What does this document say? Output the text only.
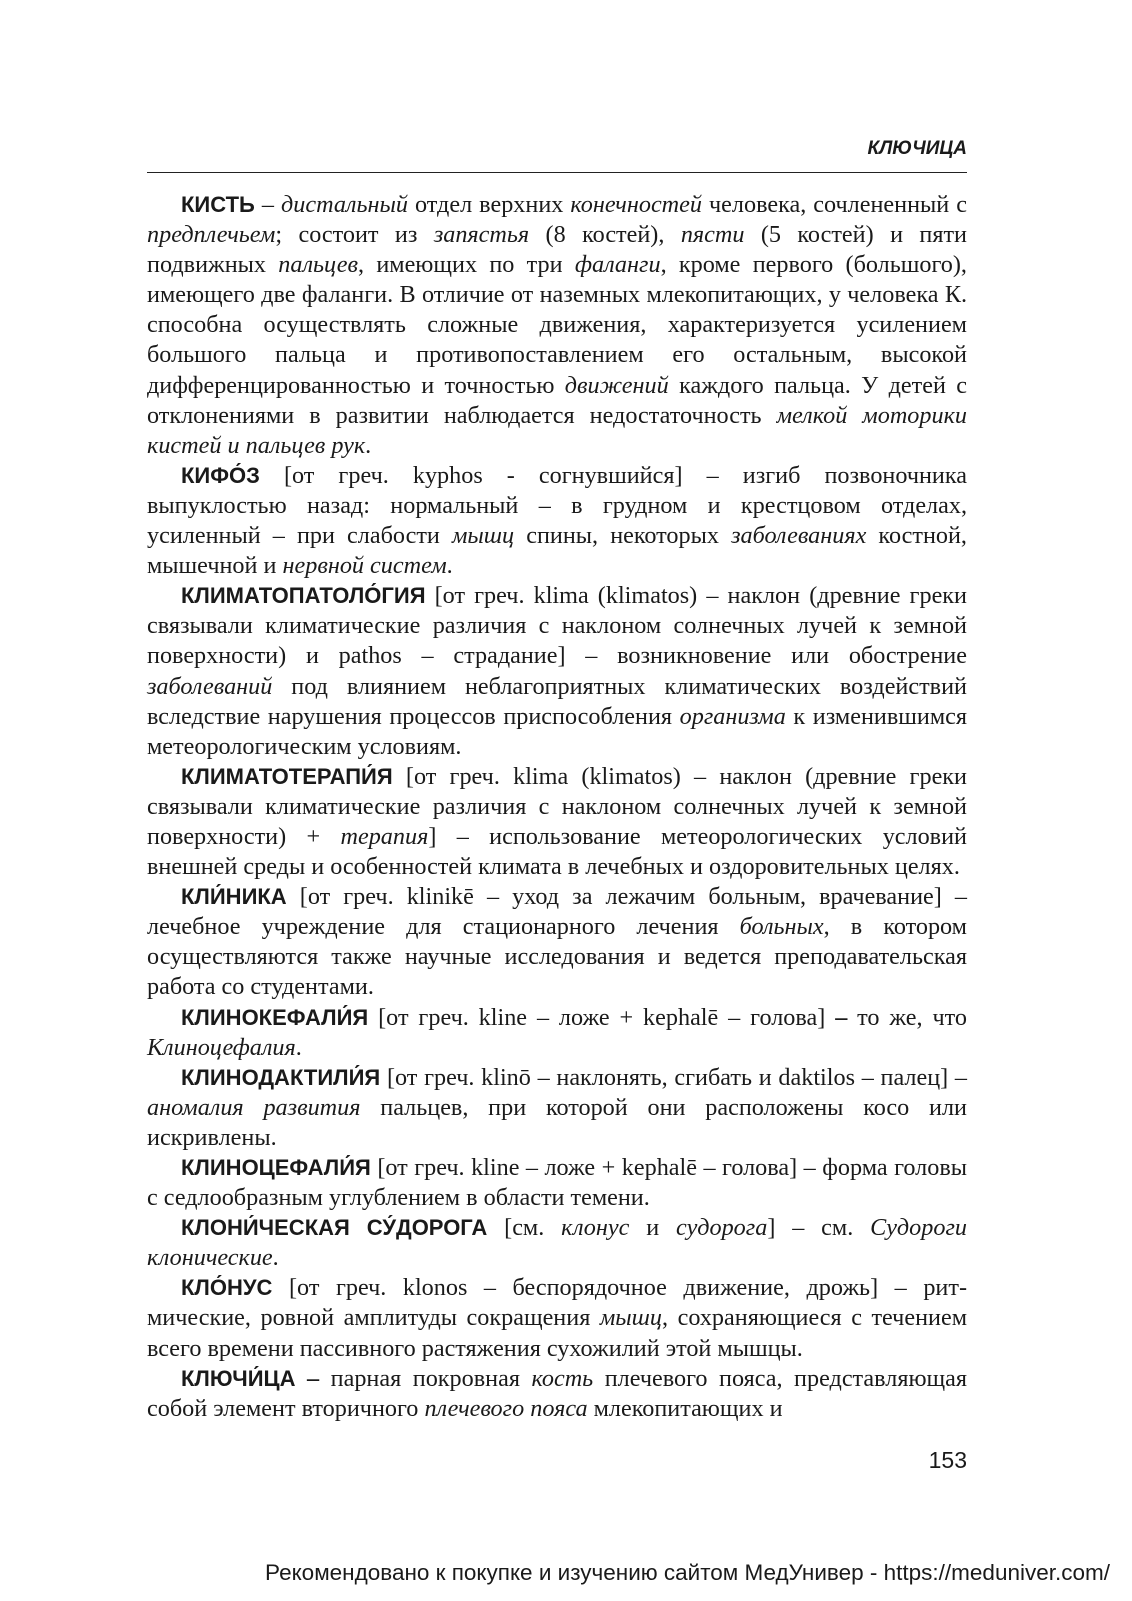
КЛЮЧИЦА

КИСТЬ – дистальный отдел верхних конечностей человека, сочлененный с предплечьем; состоит из запястья (8 костей), пясти (5 костей) и пяти подвижных пальцев, имеющих по три фаланги, кроме первого (большого), имеющего две фаланги. В отличие от наземных млекопитающих, у человека К. способна осуществлять сложные движения, характеризуется усилением большого пальца и противопоставлением его остальным, высокой дифференцированностью и точностью движений каждого пальца. У детей с отклонениями в развитии наблюдается недостаточность мелкой моторики кистей и пальцев рук.

КИФО́З [от греч. kyphos - согнувшийся] – изгиб позвоночника выпуклостью назад: нормальный – в грудном и крестцовом отделах, усиленный – при слабости мышц спины, некоторых заболеваниях костной, мышечной и нервной систем.

КЛИМАТОПАТОЛО́ГИЯ [от греч. klima (klimatos) – наклон (древние греки связывали климатические различия с наклоном солнечных лучей к земной поверхности) и pathos – страдание] – возникновение или обострение заболеваний под влиянием неблагоприятных климатических воздействий вследствие нарушения процессов приспособления организма к изменившимся метеорологическим условиям.

КЛИМАТОТЕРАПИ́Я [от греч. klima (klimatos) – наклон (древние греки связывали климатические различия с наклоном солнечных лучей к земной поверхности) + терапия] – использование метеорологических условий внешней среды и особенностей климата в лечебных и оздоровительных целях.

КЛИ́НИКА [от греч. klinikē – уход за лежачим больным, врачевание] – лечебное учреждение для стационарного лечения больных, в котором осуществляются также научные исследования и ведется преподавательская работа со студентами.

КЛИНОКЕФАЛИ́Я [от греч. kline – ложе + kephalē – голова] – то же, что Клиноцефалия.

КЛИНОДАКТИЛИ́Я [от греч. klinō – наклонять, сгибать и daktilos – палец] – аномалия развития пальцев, при которой они расположены косо или искривлены.

КЛИНОЦЕФАЛИ́Я [от греч. kline – ложе + kephalē – голова] – форма головы с седлообразным углублением в области темени.

КЛОНИ́ЧЕСКАЯ СУ́ДОРОГА [см. клонус и судорога] – см. Судороги клонические.

КЛО́НУС [от греч. klonos – беспорядочное движение, дрожь] – ритмические, ровной амплитуды сокращения мышц, сохраняющиеся с течением всего времени пассивного растяжения сухожилий этой мышцы.

КЛЮЧИ́ЦА – парная покровная кость плечевого пояса, представляющая собой элемент вторичного плечевого пояса млекопитающих и

153
Рекомендовано к покупке и изучению сайтом МедУнивер - https://meduniver.com/
